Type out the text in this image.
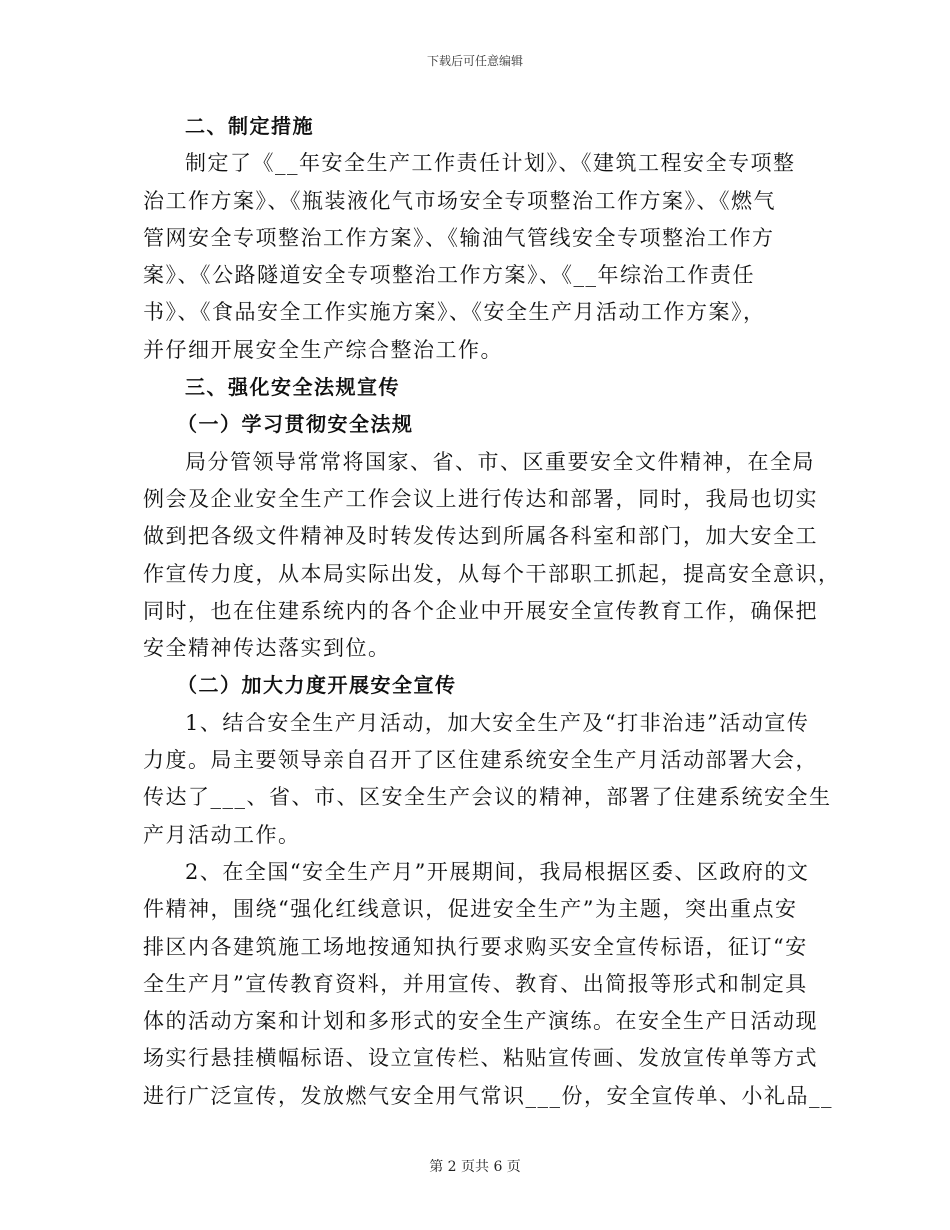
下载后可任意编辑
二、制定措施
制定了《__年安全生产工作责任计划》、《建筑工程安全专项整
治工作方案》、《瓶装液化气市场安全专项整治工作方案》、《燃气
管网安全专项整治工作方案》、《输油气管线安全专项整治工作方
案》、《公路隧道安全专项整治工作方案》、《__年综治工作责任
书》、《食品安全工作实施方案》、《安全生产月活动工作方案》，
并仔细开展安全生产综合整治工作。
三、强化安全法规宣传
（一）学习贯彻安全法规
局分管领导常常将国家、省、市、区重要安全文件精神，在全局
例会及企业安全生产工作会议上进行传达和部署，同时，我局也切实
做到把各级文件精神及时转发传达到所属各科室和部门，加大安全工
作宣传力度，从本局实际出发，从每个干部职工抓起，提高安全意识，
同时，也在住建系统内的各个企业中开展安全宣传教育工作，确保把
安全精神传达落实到位。
（二）加大力度开展安全宣传
1、结合安全生产月活动，加大安全生产及“打非治违”活动宣传
力度。局主要领导亲自召开了区住建系统安全生产月活动部署大会，
传达了___、省、市、区安全生产会议的精神，部署了住建系统安全生
产月活动工作。
2、在全国“安全生产月”开展期间，我局根据区委、区政府的文
件精神，围绕“强化红线意识，促进安全生产”为主题，突出重点安
排区内各建筑施工场地按通知执行要求购买安全宣传标语，征订“安
全生产月”宣传教育资料，并用宣传、教育、出简报等形式和制定具
体的活动方案和计划和多形式的安全生产演练。在安全生产日活动现
场实行悬挂横幅标语、设立宣传栏、粘贴宣传画、发放宣传单等方式
进行广泛宣传，发放燃气安全用气常识___份，安全宣传单、小礼品__
第 2 页共 6 页
